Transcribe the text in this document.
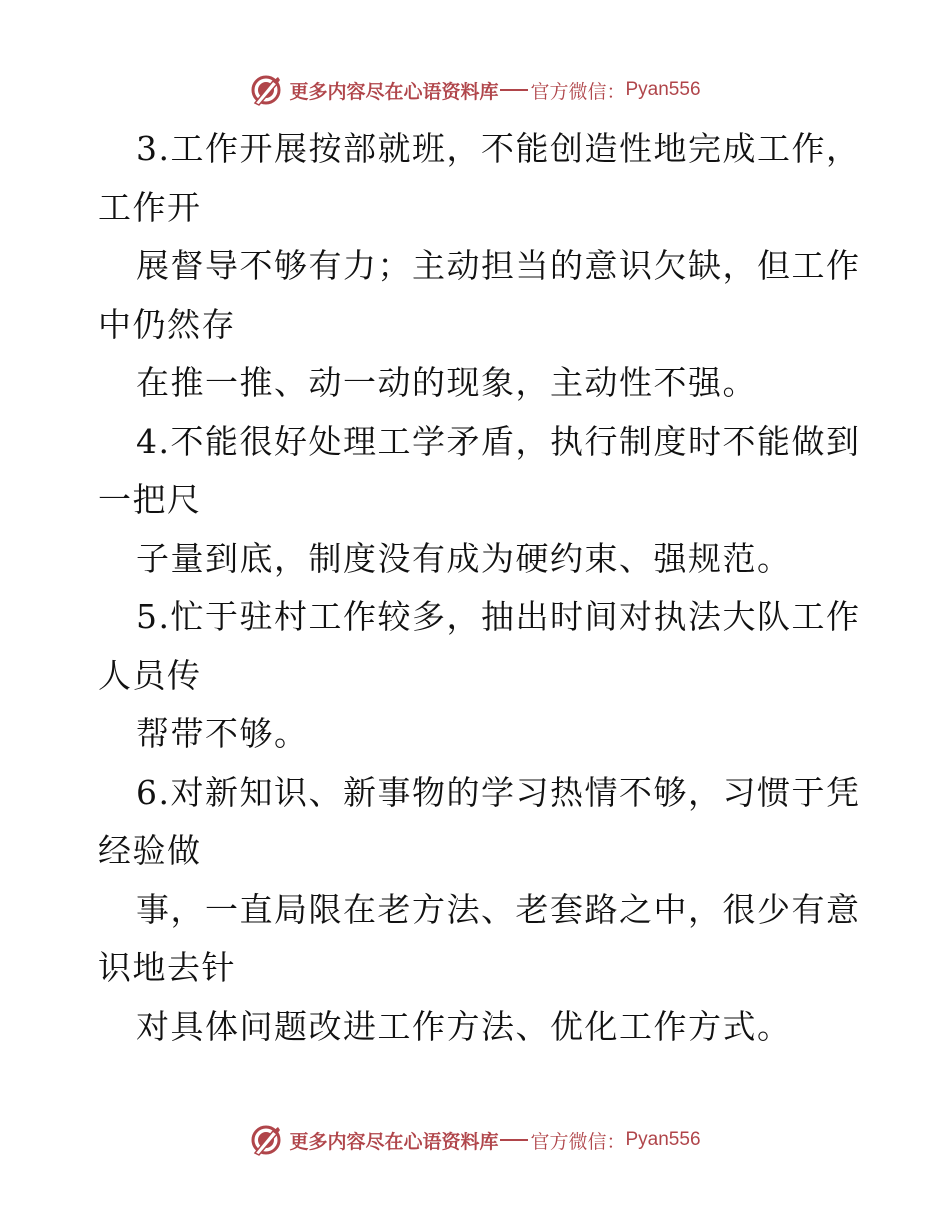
更多内容尽在心语资料库 官方微信： Pyan556
3.工作开展按部就班，不能创造性地完成工作，
工作开
展督导不够有力；主动担当的意识欠缺，但工作
中仍然存
在推一推、动一动的现象，主动性不强。
4.不能很好处理工学矛盾，执行制度时不能做到
一把尺
子量到底，制度没有成为硬约束、强规范。
5.忙于驻村工作较多，抽出时间对执法大队工作
人员传
帮带不够。
6.对新知识、新事物的学习热情不够，习惯于凭
经验做
事，一直局限在老方法、老套路之中，很少有意
识地去针
对具体问题改进工作方法、优化工作方式。
更多内容尽在心语资料库 官方微信： Pyan556
